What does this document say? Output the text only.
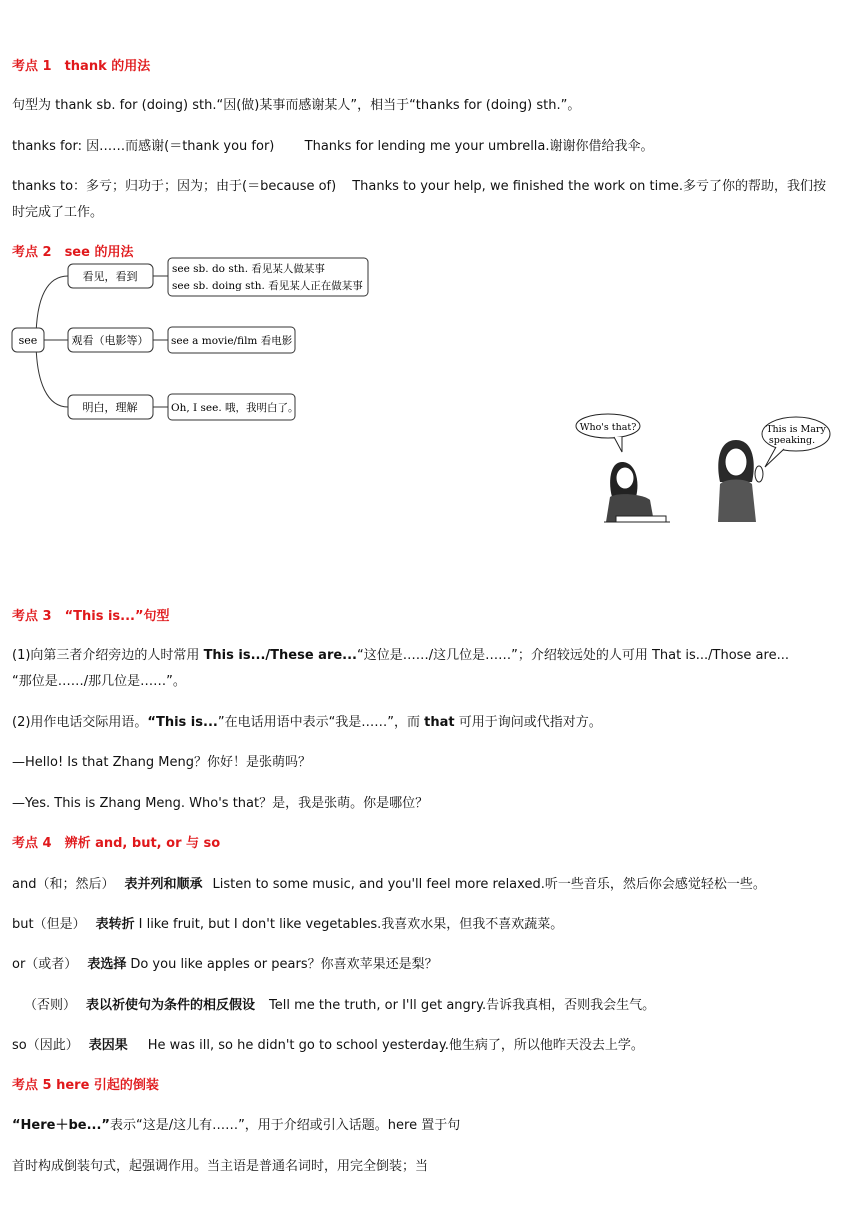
考点 1　thank 的用法
句型为 thank sb. for (doing) sth.“因(做)某事而感谢某人”，相当于“thanks for (doing) sth.”。
thanks for: 因……而感谢(＝thank you for) Thanks for lending me your umbrella.谢谢你借给我伞。
thanks to：多亏；归功于；因为；由于(＝because of) Thanks to your help, we finished the work on time.多亏了你的帮助，我们按
时完成了工作。
考点 2　see 的用法
see
看见，看到
see sb. do sth. 看见某人做某事
see sb. doing sth. 看见某人正在做某事
观看（电影等） see a movie/film 看电影
明白，理解	Oh, I see. 哦，我明白了。
Who's that?	This is Mary
speaking.
考点 3　“This is...”句型
(1)向第三者介绍旁边的人时常用 This is.../These are...“这位是……/这几位是……”；介绍较远处的人可用 That is.../Those are...
“那位是……/那几位是……”。
(2)用作电话交际用语。“This is...”在电话用语中表示“我是……”，而 that 可用于询问或代指对方。
—Hello! Is that Zhang Meng？你好！是张萌吗？
—Yes. This is Zhang Meng. Who's that？是，我是张萌。你是哪位？
考点 4　辨析 and, but, or 与 so
and（和；然后） 表并列和顺承 Listen to some music, and you'll feel more relaxed.听一些音乐，然后你会感觉轻松一些。
but（但是） 表转折 I like fruit, but I don't like vegetables.我喜欢水果，但我不喜欢蔬菜。
or（或者） 表选择 Do you like apples or pears？你喜欢苹果还是梨？
（否则） 表以祈使句为条件的相反假设 Tell me the truth, or I'll get angry.告诉我真相，否则我会生气。
so（因此） 表因果 He was ill, so he didn't go to school yesterday.他生病了，所以他昨天没去上学。
考点 5 here 引起的倒装
“Here＋be...”表示“这是/这儿有……”，用于介绍或引入话题。here 置于句
首时构成倒装句式，起强调作用。当主语是普通名词时，用完全倒装；当
